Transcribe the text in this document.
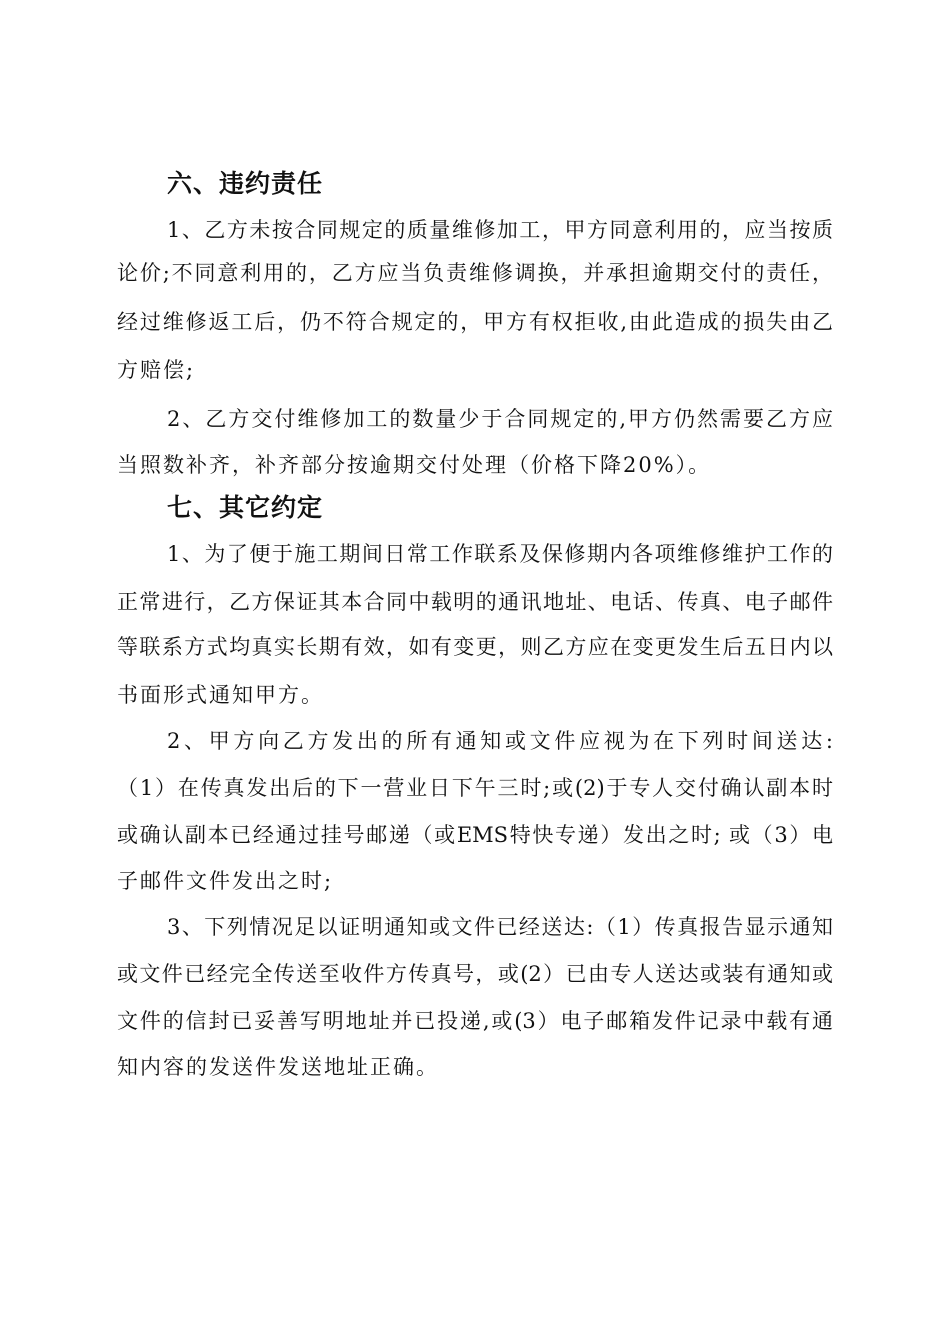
六、违约责任

1、乙方未按合同规定的质量维修加工，甲方同意利用的，应当按质

论价;不同意利用的，乙方应当负责维修调换，并承担逾期交付的责任，

经过维修返工后，仍不符合规定的，甲方有权拒收,由此造成的损失由乙

方赔偿;

2、乙方交付维修加工的数量少于合同规定的,甲方仍然需要乙方应

当照数补齐，补齐部分按逾期交付处理（价格下降20%）。

七、其它约定

1、为了便于施工期间日常工作联系及保修期内各项维修维护工作的

正常进行，乙方保证其本合同中载明的通讯地址、电话、传真、电子邮件

等联系方式均真实长期有效，如有变更，则乙方应在变更发生后五日内以

书面形式通知甲方。

2、甲方向乙方发出的所有通知或文件应视为在下列时间送达:

（1）在传真发出后的下一营业日下午三时;或(2)于专人交付确认副本时

或确认副本已经通过挂号邮递（或EMS特快专递）发出之时; 或（3）电

子邮件文件发出之时;

3、下列情况足以证明通知或文件已经送达:（1）传真报告显示通知

或文件已经完全传送至收件方传真号，或(2）已由专人送达或装有通知或

文件的信封已妥善写明地址并已投递,或(3）电子邮箱发件记录中载有通

知内容的发送件发送地址正确。
